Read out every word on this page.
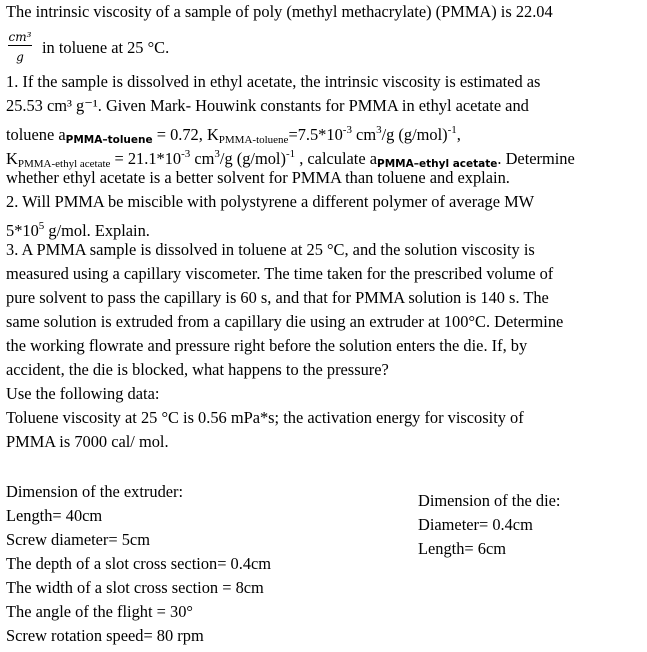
The intrinsic viscosity of a sample of poly (methyl methacrylate) (PMMA) is 22.04
cm³
g	in toluene at 25 °C.
1. If the sample is dissolved in ethyl acetate, the intrinsic viscosity is estimated as
25.53 cm³ g⁻¹. Given Mark- Houwink constants for PMMA in ethyl acetate and
toluene aPMMA–toluene = 0.72, $K_{PMMA-toluene}=7.5*10^{-3}$ $cm^3/g$ $(g/mol)^{-1}$,
$K_{PMMA-ethyl acetate} = 21.1*10^{-3}$ $cm^3/g$ $(g/mol)^{-1}$ , calculate aPMMA–ethyl acetate. Determine
whether ethyl acetate is a better solvent for PMMA than toluene and explain.
2. Will PMMA be miscible with polystyrene a different polymer of average MW
$5*10^5$ g/mol. Explain.
3. A PMMA sample is dissolved in toluene at 25 °C, and the solution viscosity is
measured using a capillary viscometer. The time taken for the prescribed volume of
pure solvent to pass the capillary is 60 s, and that for PMMA solution is 140 s. The
same solution is extruded from a capillary die using an extruder at 100°C. Determine
the working flowrate and pressure right before the solution enters the die. If, by
accident, the die is blocked, what happens to the pressure?
Use the following data:
Toluene viscosity at 25 °C is 0.56 mPa*s; the activation energy for viscosity of
PMMA is 7000 cal/ mol.
Dimension of the extruder:
Length= 40cm
Screw diameter= 5cm
The depth of a slot cross section= 0.4cm
The width of a slot cross section = 8cm
The angle of the flight = 30°
Screw rotation speed= 80 rpm
Dimension of the die:
Diameter= 0.4cm
Length= 6cm
